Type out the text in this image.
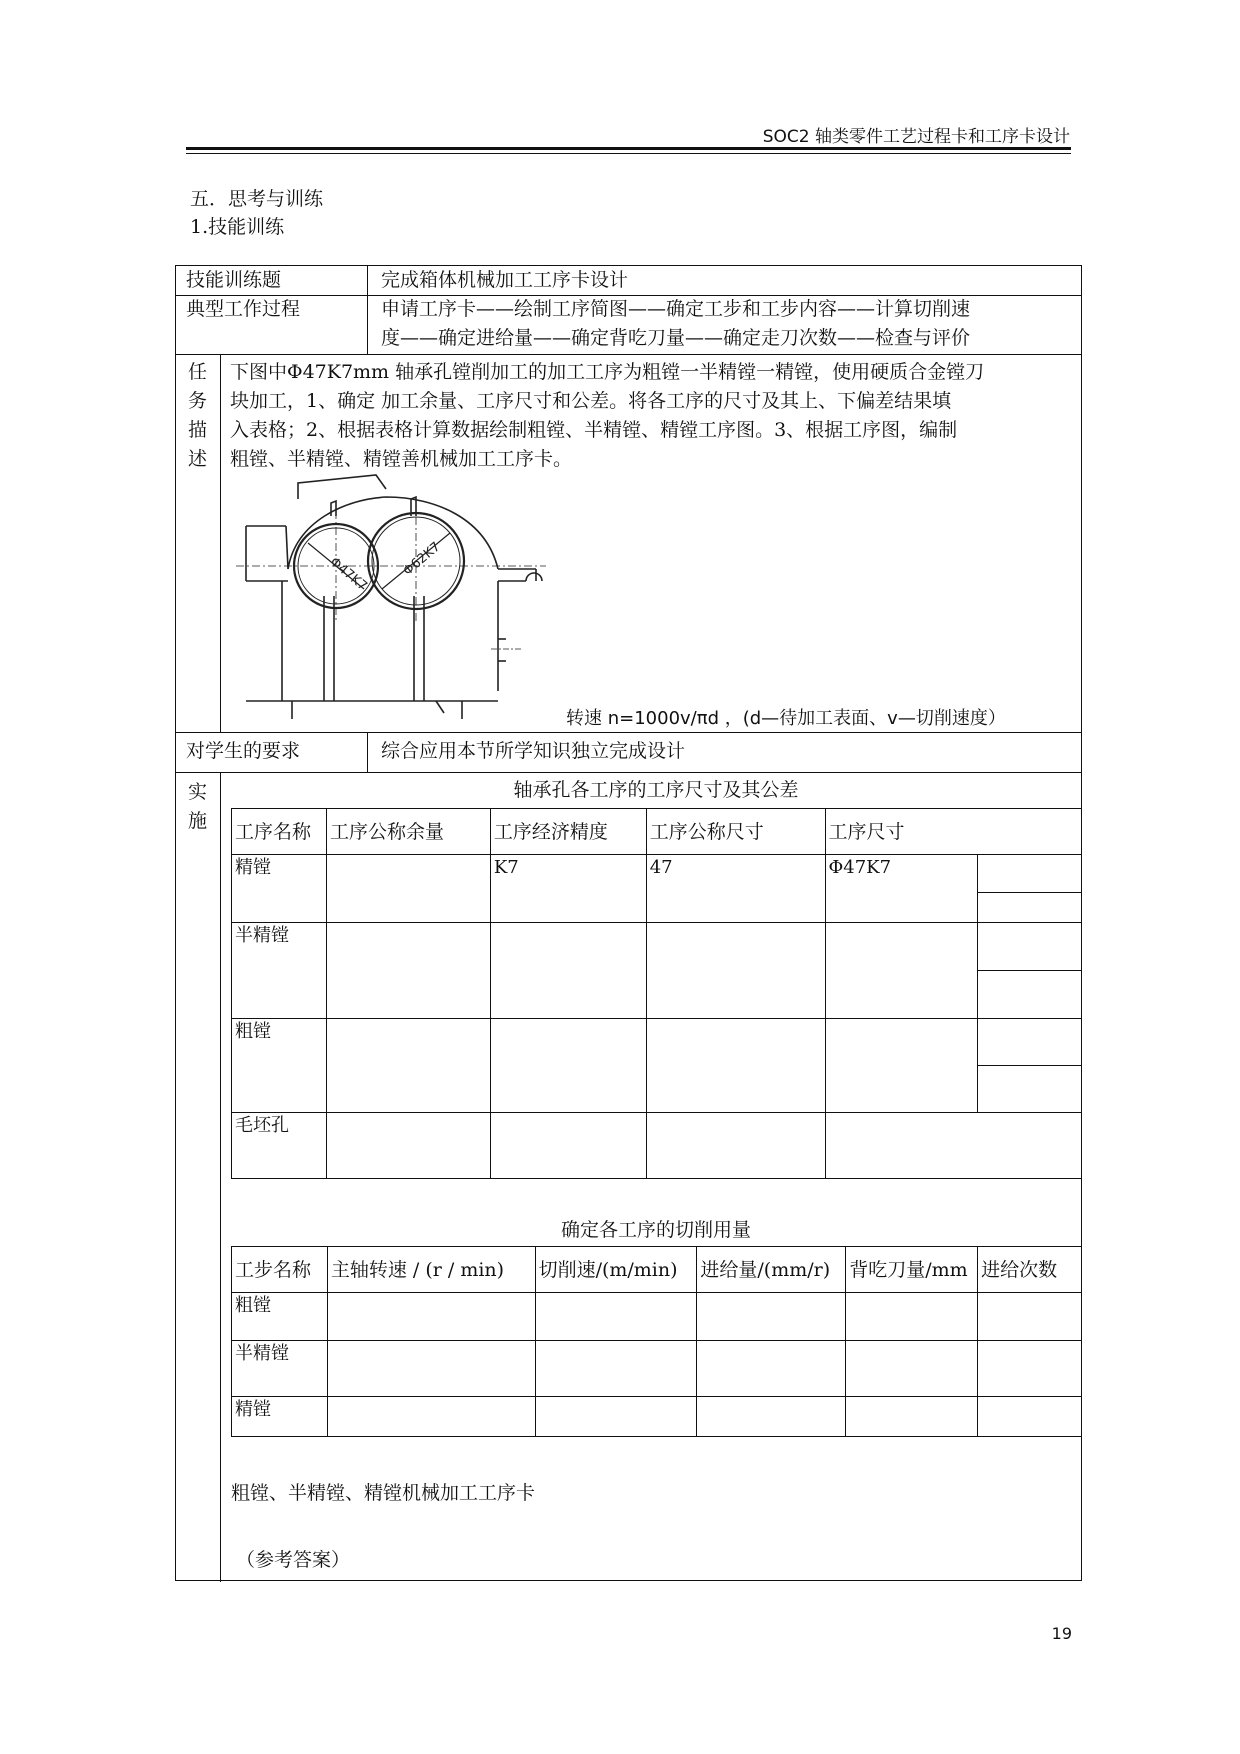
SOC2 轴类零件工艺过程卡和工序卡设计
五．思考与训练
1.技能训练
技能训练题	完成箱体机械加工工序卡设计
典型工作过程	申请工序卡——绘制工序简图——确定工步和工步内容——计算切削速
度——确定进给量——确定背吃刀量——确定走刀次数——检查与评价
任
务
描
述
下图中Φ47K7mm 轴承孔镗削加工的加工工序为粗镗一半精镗一精镗，使用硬质合金镗刀
块加工，1、确定 加工余量、工序尺寸和公差。将各工序的尺寸及其上、下偏差结果填
入表格；2、根据表格计算数据绘制粗镗、半精镗、精镗工序图。3、根据工序图，编制
粗镗、半精镗、精镗善机械加工工序卡。
Φ47K7 Φ62K7
转速 n=1000v/πd ，(d—待加工表面、v—切削速度）
对学生的要求	综合应用本节所学知识独立完成设计
实
施
轴承孔各工序的工序尺寸及其公差
工序名称	工序公称余量	工序经济精度	工序公称尺寸	工序尺寸	
精镗		K7	47	Φ47K7	

半精镗					

粗镗					

毛坯孔					
确定各工序的切削用量
工步名称	主轴转速 / (r / min)	切削速/(m/min)	进给量/(mm/r)	背吃刀量/mm	进给次数
粗镗					
半精镗					
精镗					
粗镗、半精镗、精镗机械加工工序卡
（参考答案）
19
